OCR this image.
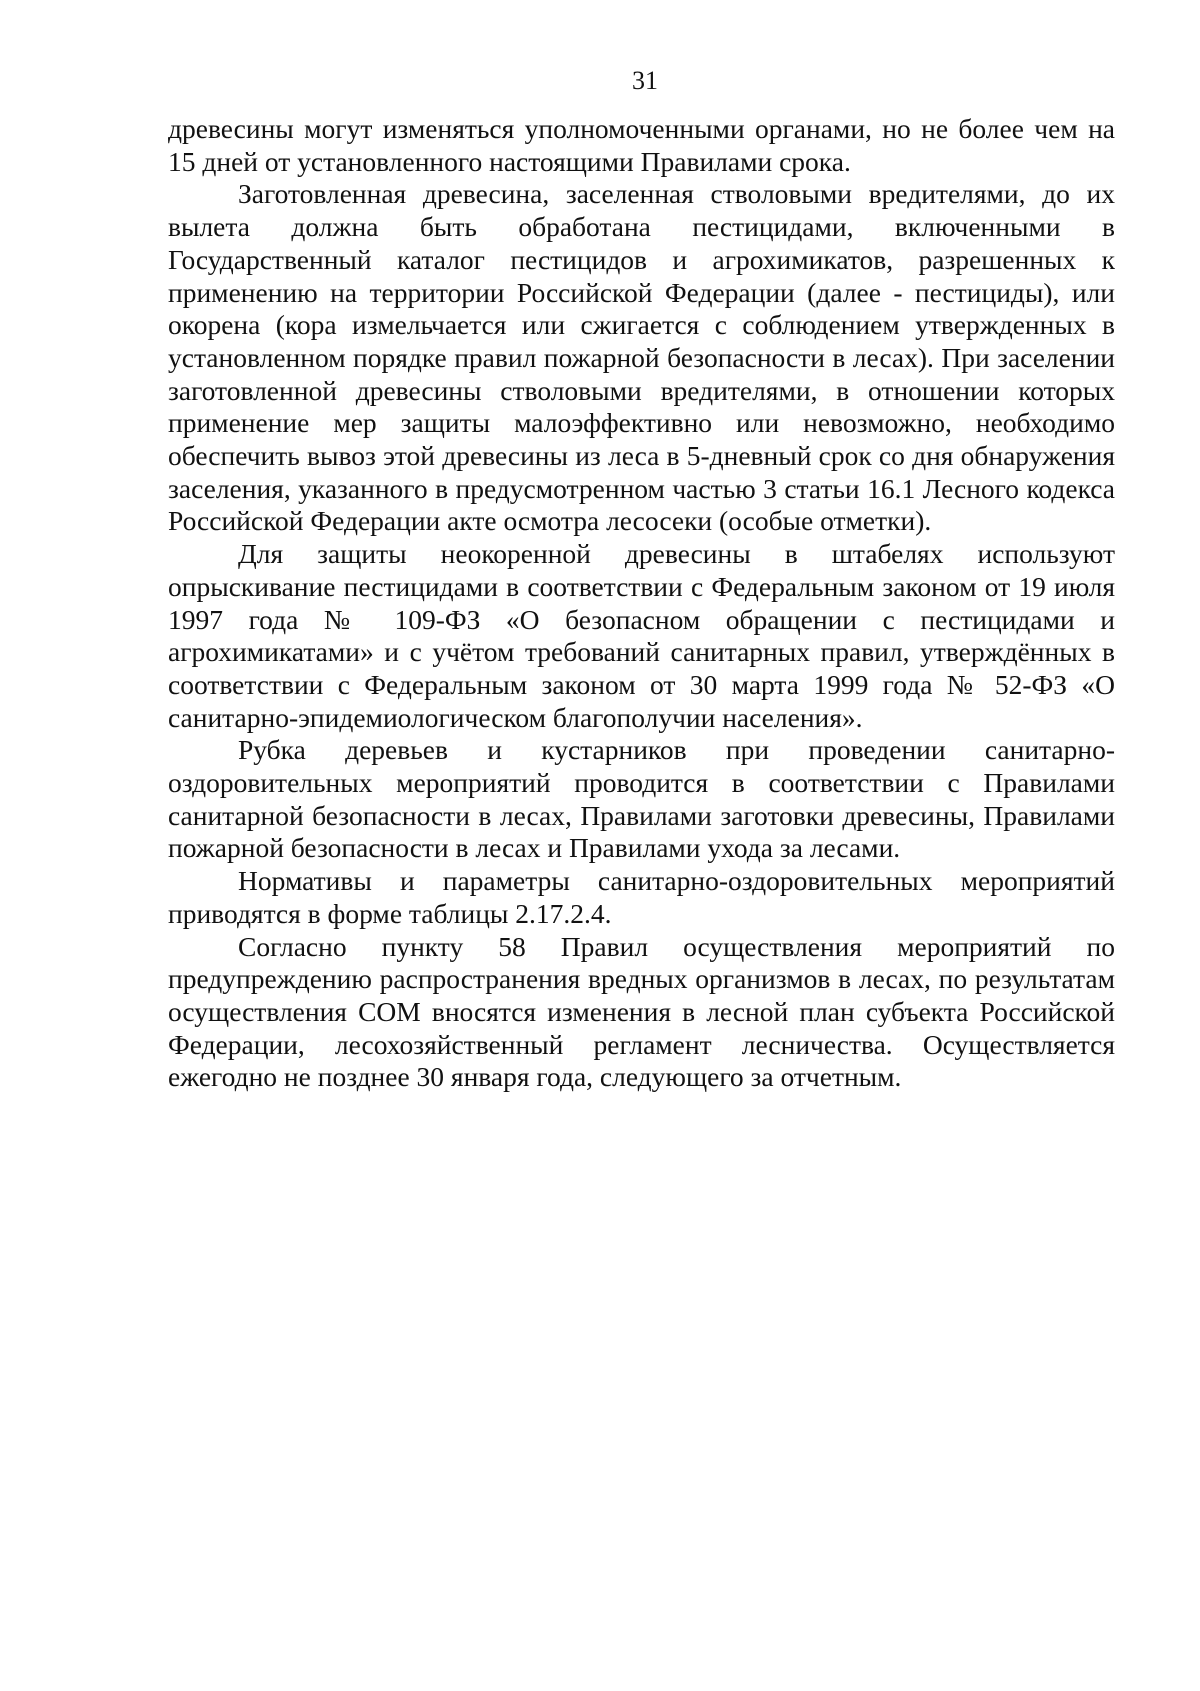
31

древесины могут изменяться уполномоченными органами, но не более чем на 15 дней от установленного настоящими Правилами срока.

Заготовленная древесина, заселенная стволовыми вредителями, до их вылета должна быть обработана пестицидами, включенными в Государственный каталог пестицидов и агрохимикатов, разрешенных к применению на территории Российской Федерации (далее - пестициды), или окорена (кора измельчается или сжигается с соблюдением утвержденных в установленном порядке правил пожарной безопасности в лесах). При заселении заготовленной древесины стволовыми вредителями, в отношении которых применение мер защиты малоэффективно или невозможно, необходимо обеспечить вывоз этой древесины из леса в 5-дневный срок со дня обнаружения заселения, указанного в предусмотренном частью 3 статьи 16.1 Лесного кодекса Российской Федерации акте осмотра лесосеки (особые отметки).

Для защиты неокоренной древесины в штабелях используют опрыскивание пестицидами в соответствии с Федеральным законом от 19 июля 1997 года № 109-ФЗ «О безопасном обращении с пестицидами и агрохимикатами» и с учётом требований санитарных правил, утверждённых в соответствии с Федеральным законом от 30 марта 1999 года № 52-ФЗ «О санитарно-эпидемиологическом благополучии населения».

Рубка деревьев и кустарников при проведении санитарно-оздоровительных мероприятий проводится в соответствии с Правилами санитарной безопасности в лесах, Правилами заготовки древесины, Правилами пожарной безопасности в лесах и Правилами ухода за лесами.

Нормативы и параметры санитарно-оздоровительных мероприятий приводятся в форме таблицы 2.17.2.4.

Согласно пункту 58 Правил осуществления мероприятий по предупреждению распространения вредных организмов в лесах, по результатам осуществления СОМ вносятся изменения в лесной план субъекта Российской Федерации, лесохозяйственный регламент лесничества. Осуществляется ежегодно не позднее 30 января года, следующего за отчетным.
